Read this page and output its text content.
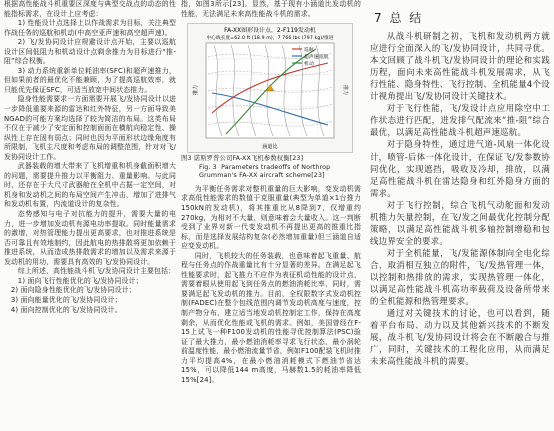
根据高性能战斗机重要区深度与典型交战点的动态的性能指标需求，在设计上应考虑：

1) 性能设计点选择上以作战需求为目标，关注典型作战任务的巡航和机动(中高空亚声速和高空超声速)。

2) 飞/发协同设计应规避设计点开始，主要以巡航设计区间低阻力和机动设计点剩余推力为目标进行“推-阻”综合权衡。

3) 动力系统重新单位耗油率(SFC)和超声速推力，但如果前者的最优化不能兼顾，为了提高巡航效率，就只能优先保证SFC，可适当放宽中间状态推力。

隐身性能需要求一方面需要开展飞/发协同设计以进一步降低重要来源的雷达和红外特征，另一方面导致美NGAD的可能方案均选择了较为简洁的布局。这类布局不仅在于减少了安定面和控制面面在横航向稳定性、操纵性上存在固有弱点；同时也因为平面形状边缘角度有所限制，飞机主尺度和考虑布局的调整范围，针对对飞/发协同设计工作。

武器装载的增大带来了飞机增重和机身截面积增大的问题，需要提升推力以平衡阻力、重量影响。与此同时，还存在于大尺寸武器舱在全机中占据一定空间，对机身和发动机之间的布局空间产生冲击，增加了进排气和发动机布置，内流道设计的复杂性。

态势感知与电子对抗能力的提升，需要大量的电力，进一步增加发动机有源电功率提取。同时能量需求的激增，对热管理能力提出更高要求，也对推进系统是否可靠且有效地制约，因此航电的热排散将更加依赖于推进系统，从而造成热排散需求的增加以及需求来源于发动机的用功，需要具有高效的飞/发协同设计。

综上所述，高性能战斗机飞/发协同设计主要包括：

1) 面向飞行性能优化的飞/发协同设计；

2) 面向隐身性能优化的飞/发协同设计；

3) 面向能量优化的飞/发协同设计；

4) 面向控制优化的飞/发协同设计。

指，如图3所示[23]。显然，基于现有小涵道比发动机的性能，无法满足未来高性能战斗机的需求。

FA-XX图形设计点，2-F119发动机
中心线长度=62.0 ft (18.9 m)，7 766 lbs (797 kg)/推进
巡航
超声速巡航
机动
涵道比
推力	推力
图3 诺斯罗普公司FA-XX飞机参数权衡[23]
Fig. 3 Parameters tradeoffs of Northrop Grumman's FA-XX aircraft scheme[23]

为平衡任务需求对整机重量的巨大影响，变发动机需求高低性能需求的数值于克服重量(典型为单道×1台推力150kN的发动机)，将其推重比从8降到7，仅增重约270kg，为相对不大量，则意味着会大量收入。这一判断受到了业界对新一代变发动机不再提出更高的推重比指标，而是选择发展结构复杂(必然增加重量)但三涵道自适应变发动机。

同时，飞机较大的任务装载，也意味着起飞重量、航程与任务点的作战重量比有十分显著的差异。在满足起飞性能要求时，起飞推力不应作为表征机动性能的设计点，需要着眼从使用起飞到任务点的燃油消耗比率，同时，需要满足起飞发动机的推力。目前，全权限数字式发动机控制(FADEC)在整个包线范围内调节发动机高度与速度，控制产物分布，建立适当地发动机控制定工作，保持在高度剩余，从而优化性能或飞机的需求。例如，美国曾经在F-15上试飞一种F100发动机的性能寻优控制算法(PSC)验证了最大推力，最小燃油消耗率寻求飞行状态，最小涡轮前温度性能，最小燃油流量节省，例如F100配装飞机时推力平均提高4%，在最小燃油消耗模式下燃油节省达15%，可以降低144 m高度，马赫数1.5的耗油率降低15%[24]。

7 总 结

从战斗机研制之初，飞机和发动机两方就应进行全面深入的飞/发协同设计，共同寻优。本文回顾了战斗机飞/发协同设计的理论和实践历程，面向未来高性能战斗机发展需求，从飞行性能、隐身特性、飞行控制、全机能量4个设计视角提出飞/发协同设计关键技术。

对于飞行性能，飞/发设计点应用除空中工作状态进行匹配，进发排气配流来“推-阻”综合最优，以满足高性能战斗机超声速巡航。

对于隐身特性，通过进气道-风扇一体化设计，喷管-后体一体化设计，在保证飞/发参数协同优化，实现遮挡，吸收及冷却，排放，以满足高性能战斗机在雷达隐身和红外隐身方面的需求。

对于飞行控制，综合飞机气动舵面和发动机推力矢量控制，在飞/发之间最优化控制分配策略，以满足高性能战斗机多轴控制增稳和包线边界安全的要求。

对于全机能量，飞/发能源体制向全电化综合，取消相互独立的附件，飞/发热管理一体，以控制和热排放的需求，实现热管理一体化，以满足高性能战斗机高功率载荷及设备所带来的全机能源和热管理要求。

通过对关键技术的讨论，也可以看到，随着平台布局、动力以及其他新兴技术的不断发展，战斗机飞/发协同设计将会在不断融合与推广，同时，关键技术的工程化应用，从而满足未来高性能战斗机的需要。
